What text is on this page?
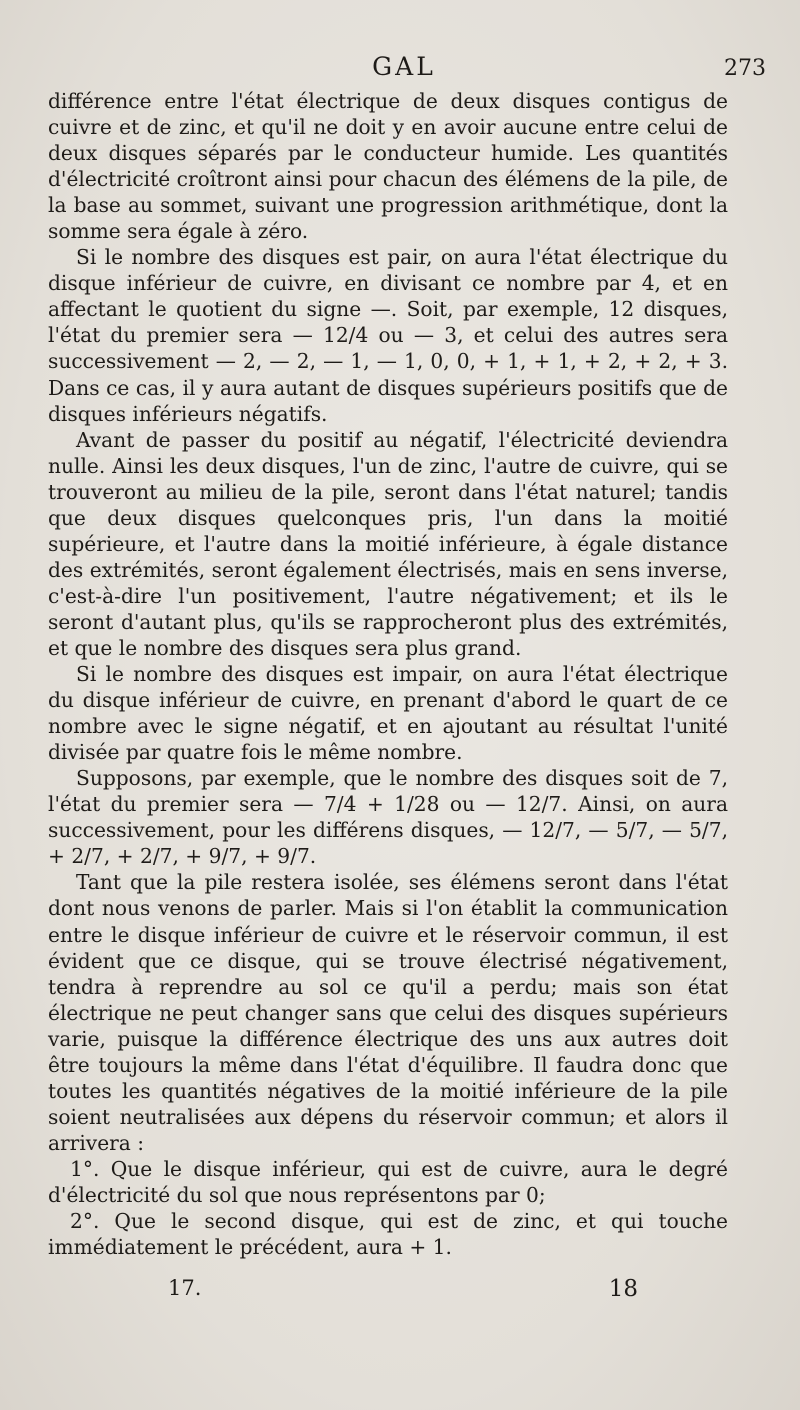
GAL	273

différence entre l'état électrique de deux disques contigus de cuivre et de zinc, et qu'il ne doit y en avoir aucune entre celui de deux disques séparés par le conducteur humide. Les quantités d'électricité croîtront ainsi pour chacun des élémens de la pile, de la base au sommet, suivant une progression arithmétique, dont la somme sera égale à zéro.

Si le nombre des disques est pair, on aura l'état électrique du disque inférieur de cuivre, en divisant ce nombre par 4, et en affectant le quotient du signe —. Soit, par exemple, 12 disques, l'état du premier sera — 12/4 ou — 3, et celui des autres sera successivement — 2, — 2, — 1, — 1, 0, 0, + 1, + 1, + 2, + 2, + 3. Dans ce cas, il y aura autant de disques supérieurs positifs que de disques inférieurs négatifs.

Avant de passer du positif au négatif, l'électricité deviendra nulle. Ainsi les deux disques, l'un de zinc, l'autre de cuivre, qui se trouveront au milieu de la pile, seront dans l'état naturel; tandis que deux disques quelconques pris, l'un dans la moitié supérieure, et l'autre dans la moitié inférieure, à égale distance des extrémités, seront également électrisés, mais en sens inverse, c'est-à-dire l'un positivement, l'autre négativement; et ils le seront d'autant plus, qu'ils se rapprocheront plus des extrémités, et que le nombre des disques sera plus grand.

Si le nombre des disques est impair, on aura l'état électrique du disque inférieur de cuivre, en prenant d'abord le quart de ce nombre avec le signe négatif, et en ajoutant au résultat l'unité divisée par quatre fois le même nombre.

Supposons, par exemple, que le nombre des disques soit de 7, l'état du premier sera — 7/4 + 1/28 ou — 12/7. Ainsi, on aura successivement, pour les différens disques, — 12/7, — 5/7, — 5/7, + 2/7, + 2/7, + 9/7, + 9/7.

Tant que la pile restera isolée, ses élémens seront dans l'état dont nous venons de parler. Mais si l'on établit la communication entre le disque inférieur de cuivre et le réservoir commun, il est évident que ce disque, qui se trouve électrisé négativement, tendra à reprendre au sol ce qu'il a perdu; mais son état électrique ne peut changer sans que celui des disques supérieurs varie, puisque la différence électrique des uns aux autres doit être toujours la même dans l'état d'équilibre. Il faudra donc que toutes les quantités négatives de la moitié inférieure de la pile soient neutralisées aux dépens du réservoir commun; et alors il arrivera :

1°. Que le disque inférieur, qui est de cuivre, aura le degré d'électricité du sol que nous représentons par 0;

2°. Que le second disque, qui est de zinc, et qui touche immédiatement le précédent, aura + 1.

17.	18
